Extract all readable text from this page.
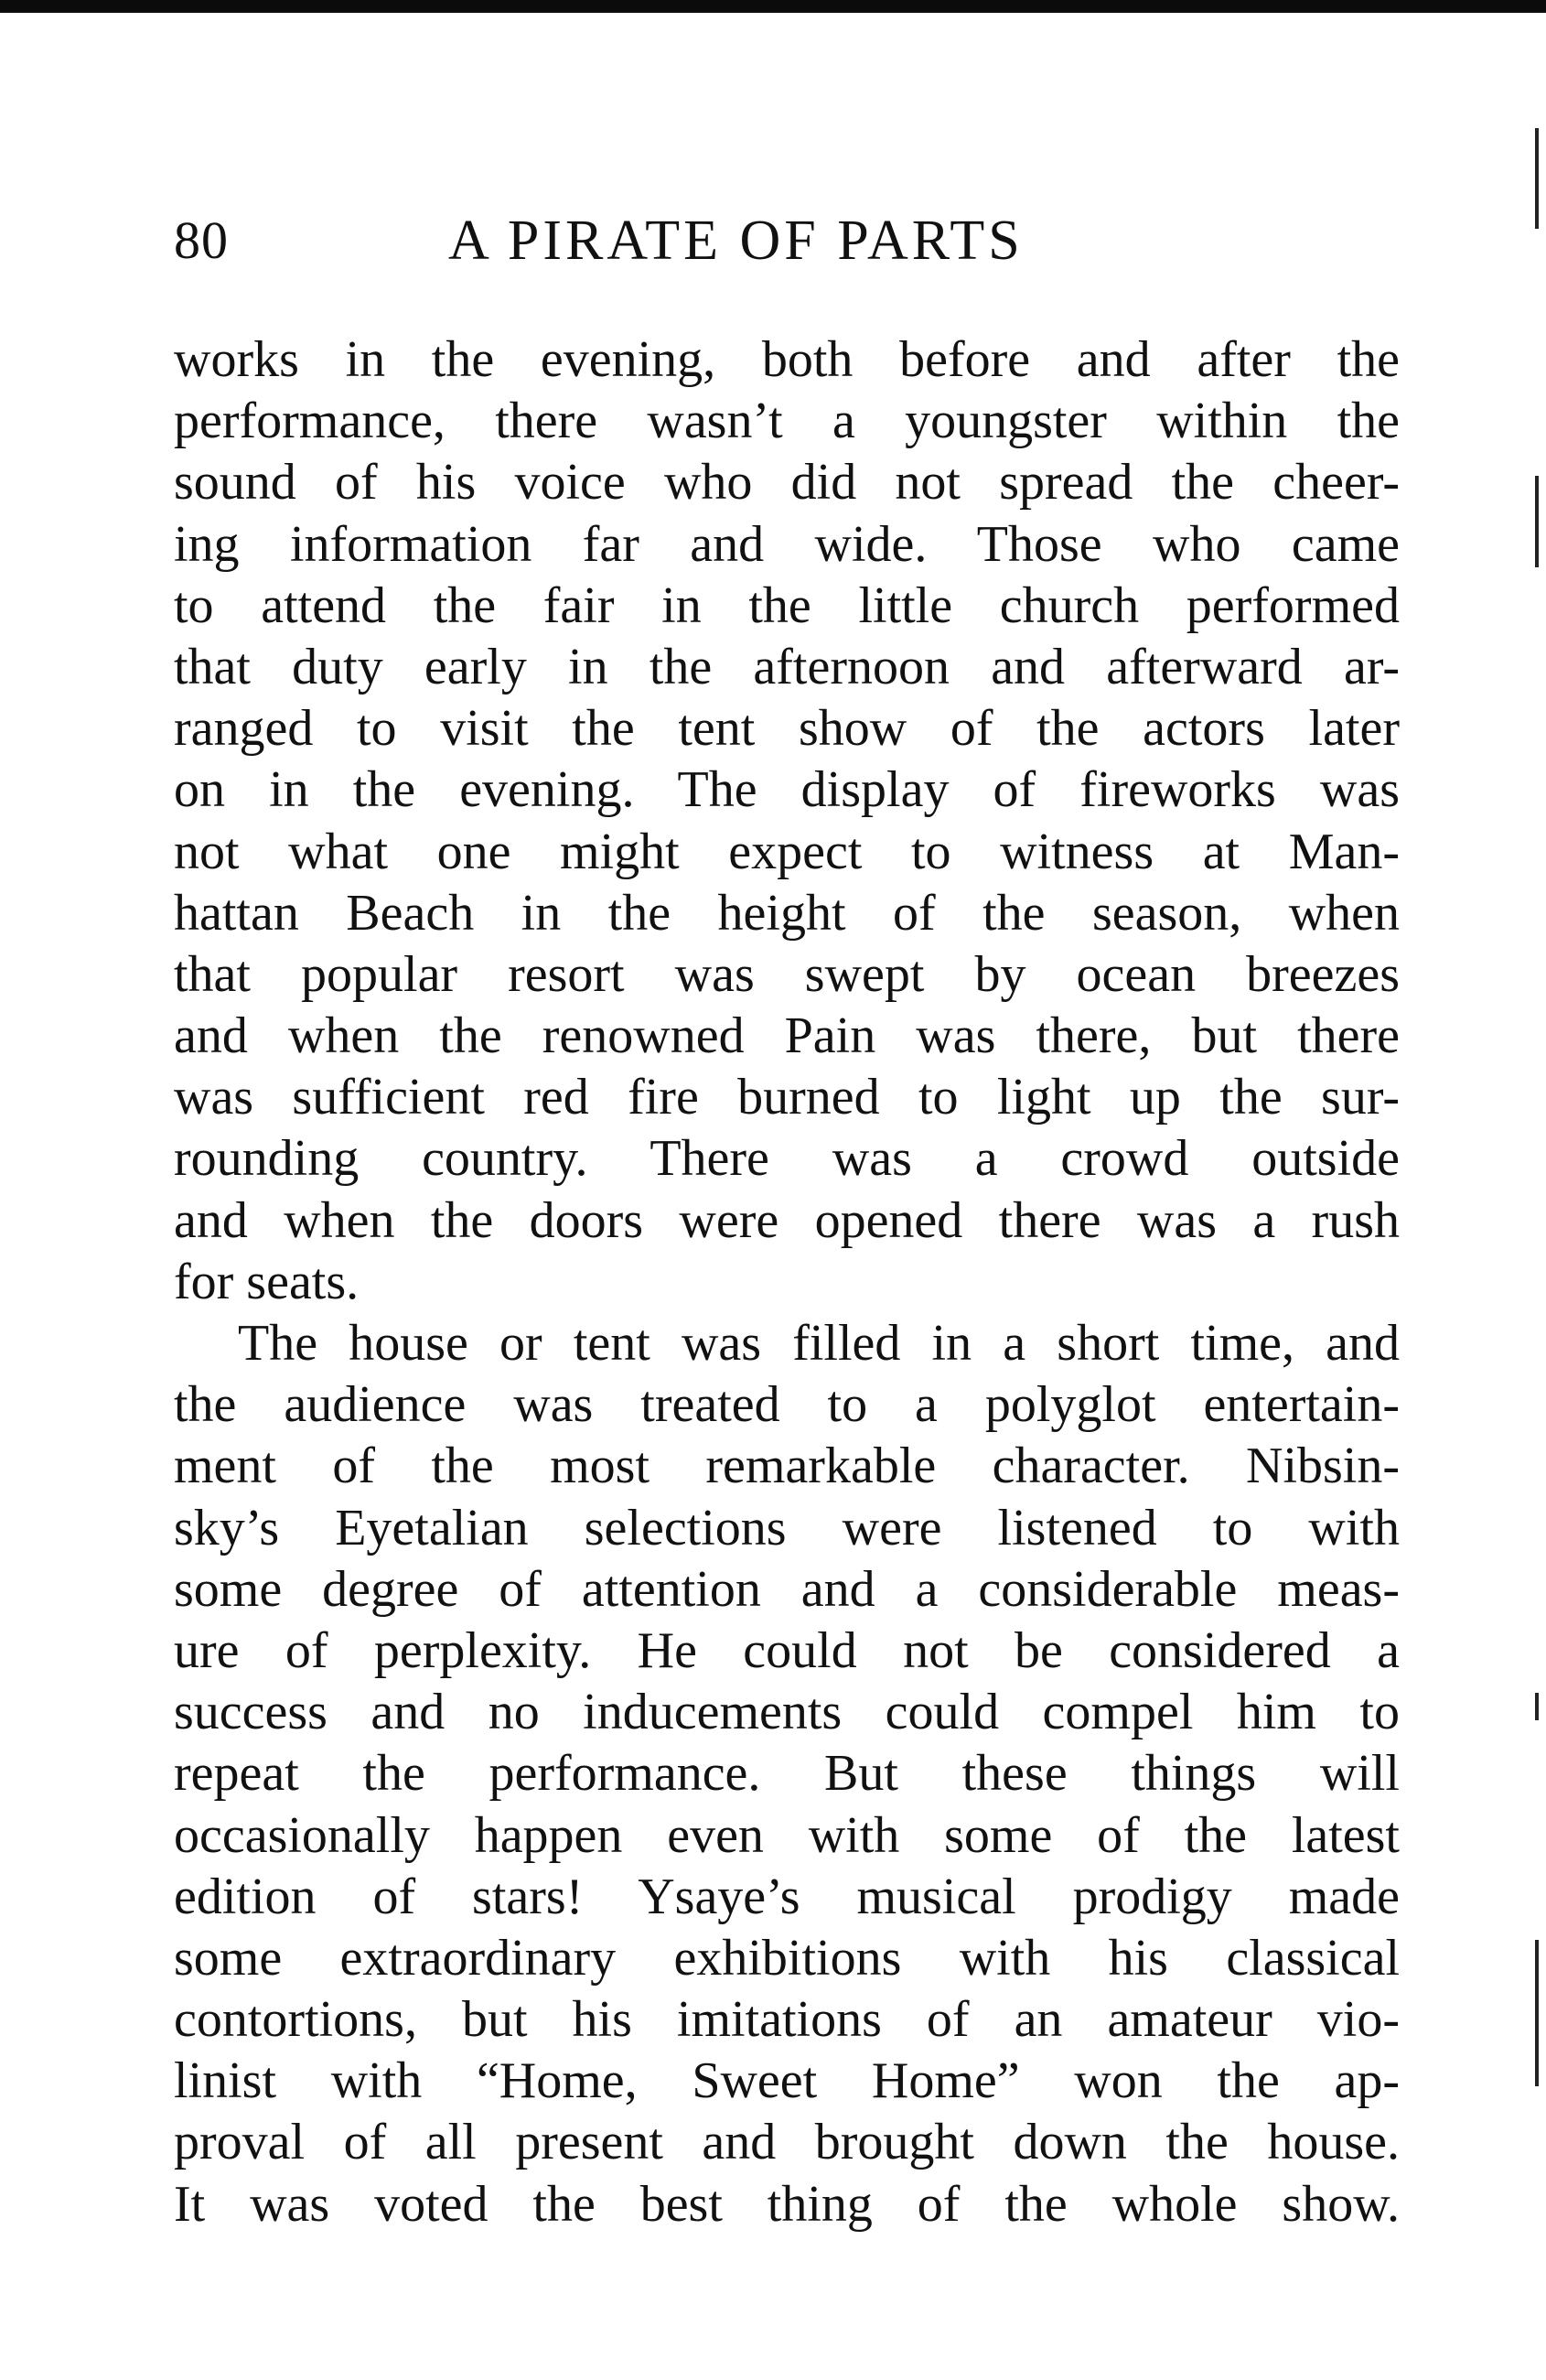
80	A PIRATE OF PARTS
works in the evening, both before and after the
performance, there wasn’t a youngster within the
sound of his voice who did not spread the cheer-
ing information far and wide. Those who came
to attend the fair in the little church performed
that duty early in the afternoon and afterward ar-
ranged to visit the tent show of the actors later
on in the evening. The display of fireworks was
not what one might expect to witness at Man-
hattan Beach in the height of the season, when
that popular resort was swept by ocean breezes
and when the renowned Pain was there, but there
was sufficient red fire burned to light up the sur-
rounding country. There was a crowd outside
and when the doors were opened there was a rush
for seats.
The house or tent was filled in a short time, and
the audience was treated to a polyglot entertain-
ment of the most remarkable character. Nibsin-
sky’s Eyetalian selections were listened to with
some degree of attention and a considerable meas-
ure of perplexity. He could not be considered a
success and no inducements could compel him to
repeat the performance. But these things will
occasionally happen even with some of the latest
edition of stars! Ysaye’s musical prodigy made
some extraordinary exhibitions with his classical
contortions, but his imitations of an amateur vio-
linist with “Home, Sweet Home” won the ap-
proval of all present and brought down the house.
It was voted the best thing of the whole show.
